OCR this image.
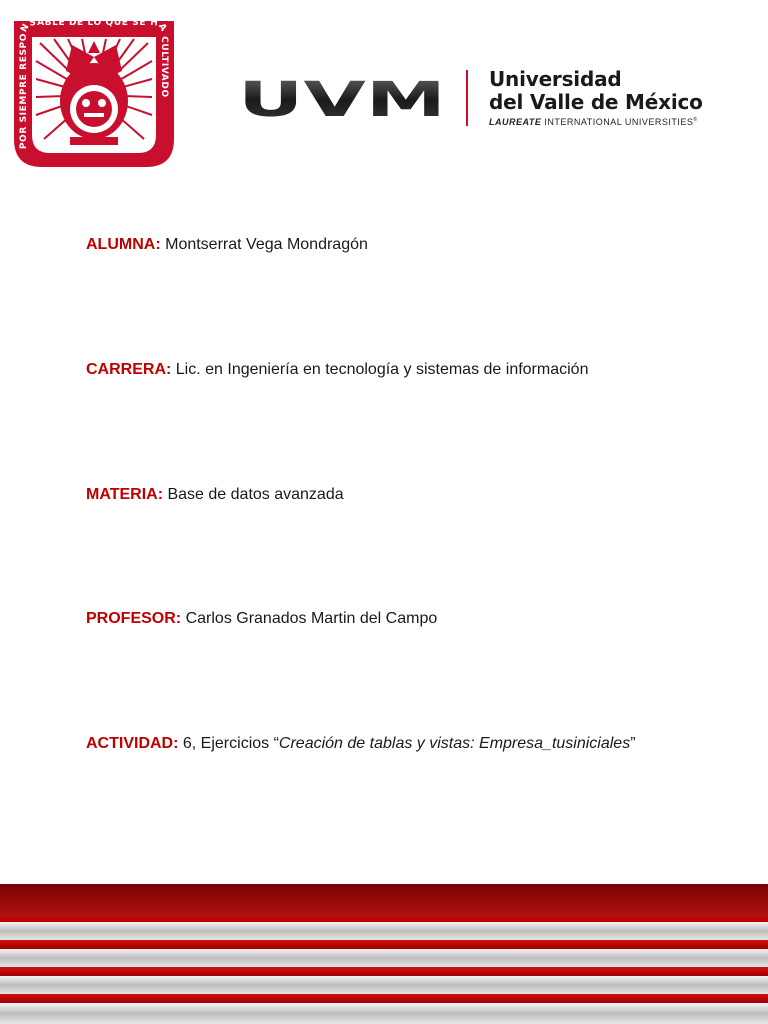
POR SIEMPRE RESPONSABLE DE LO QUE SE HA CULTIVADO UVM Universidad
del Valle de México
LAUREATE INTERNATIONAL UNIVERSITIES®
ALUMNA: Montserrat Vega Mondragón
CARRERA: Lic. en Ingeniería en tecnología y sistemas de información
MATERIA: Base de datos avanzada
PROFESOR: Carlos Granados Martin del Campo
ACTIVIDAD: 6, Ejercicios “Creación de tablas y vistas: Empresa_tusiniciales”
